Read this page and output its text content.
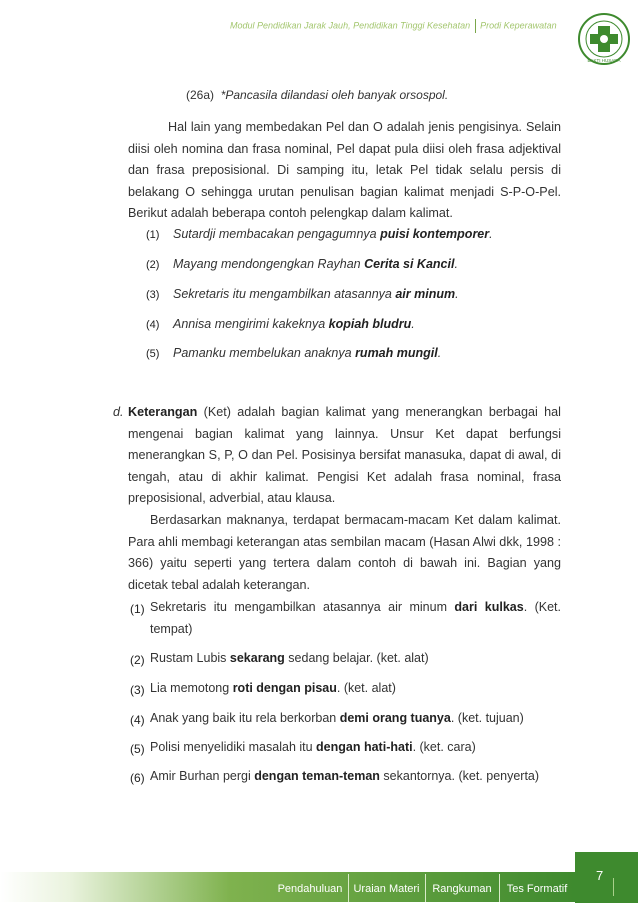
Modul Pendidikan Jarak Jauh, Pendidikan Tinggi Kesehatan Prodi Keperawatan
BAKTI HUSADA
(26a) *Pancasila dilandasi oleh banyak orsospol.
Hal lain yang membedakan Pel dan O adalah jenis pengisinya. Selain diisi oleh nomina dan frasa nominal, Pel dapat pula diisi oleh frasa adjektival dan frasa preposisional. Di samping itu, letak Pel tidak selalu persis di belakang O sehingga urutan penulisan bagian kalimat menjadi S-P-O-Pel. Berikut adalah beberapa contoh pelengkap dalam kalimat.
(1) Sutardji membacakan pengagumnya puisi kontemporer.
(2) Mayang mendongengkan Rayhan Cerita si Kancil.
(3) Sekretaris itu mengambilkan atasannya air minum.
(4) Annisa mengirimi kakeknya kopiah bludru.
(5) Pamanku membelukan anaknya rumah mungil.
d. Keterangan (Ket) adalah bagian kalimat yang menerangkan berbagai hal mengenai bagian kalimat yang lainnya. Unsur Ket dapat berfungsi menerangkan S, P, O dan Pel. Posisinya bersifat manasuka, dapat di awal, di tengah, atau di akhir kalimat. Pengisi Ket adalah frasa nominal, frasa preposisional, adverbial, atau klausa.
Berdasarkan maknanya, terdapat bermacam-macam Ket dalam kalimat. Para ahli membagi keterangan atas sembilan macam (Hasan Alwi dkk, 1998 : 366) yaitu seperti yang tertera dalam contoh di bawah ini. Bagian yang dicetak tebal adalah keterangan.
(1) Sekretaris itu mengambilkan atasannya air minum dari kulkas. (Ket. tempat)
(2) Rustam Lubis sekarang sedang belajar. (ket. alat)
(3) Lia memotong roti dengan pisau. (ket. alat)
(4) Anak yang baik itu rela berkorban demi orang tuanya. (ket. tujuan)
(5) Polisi menyelidiki masalah itu dengan hati-hati. (ket. cara)
(6) Amir Burhan pergi dengan teman-teman sekantornya. (ket. penyerta)
7
Pendahuluan	Uraian Materi	Rangkuman	Tes Formatif
